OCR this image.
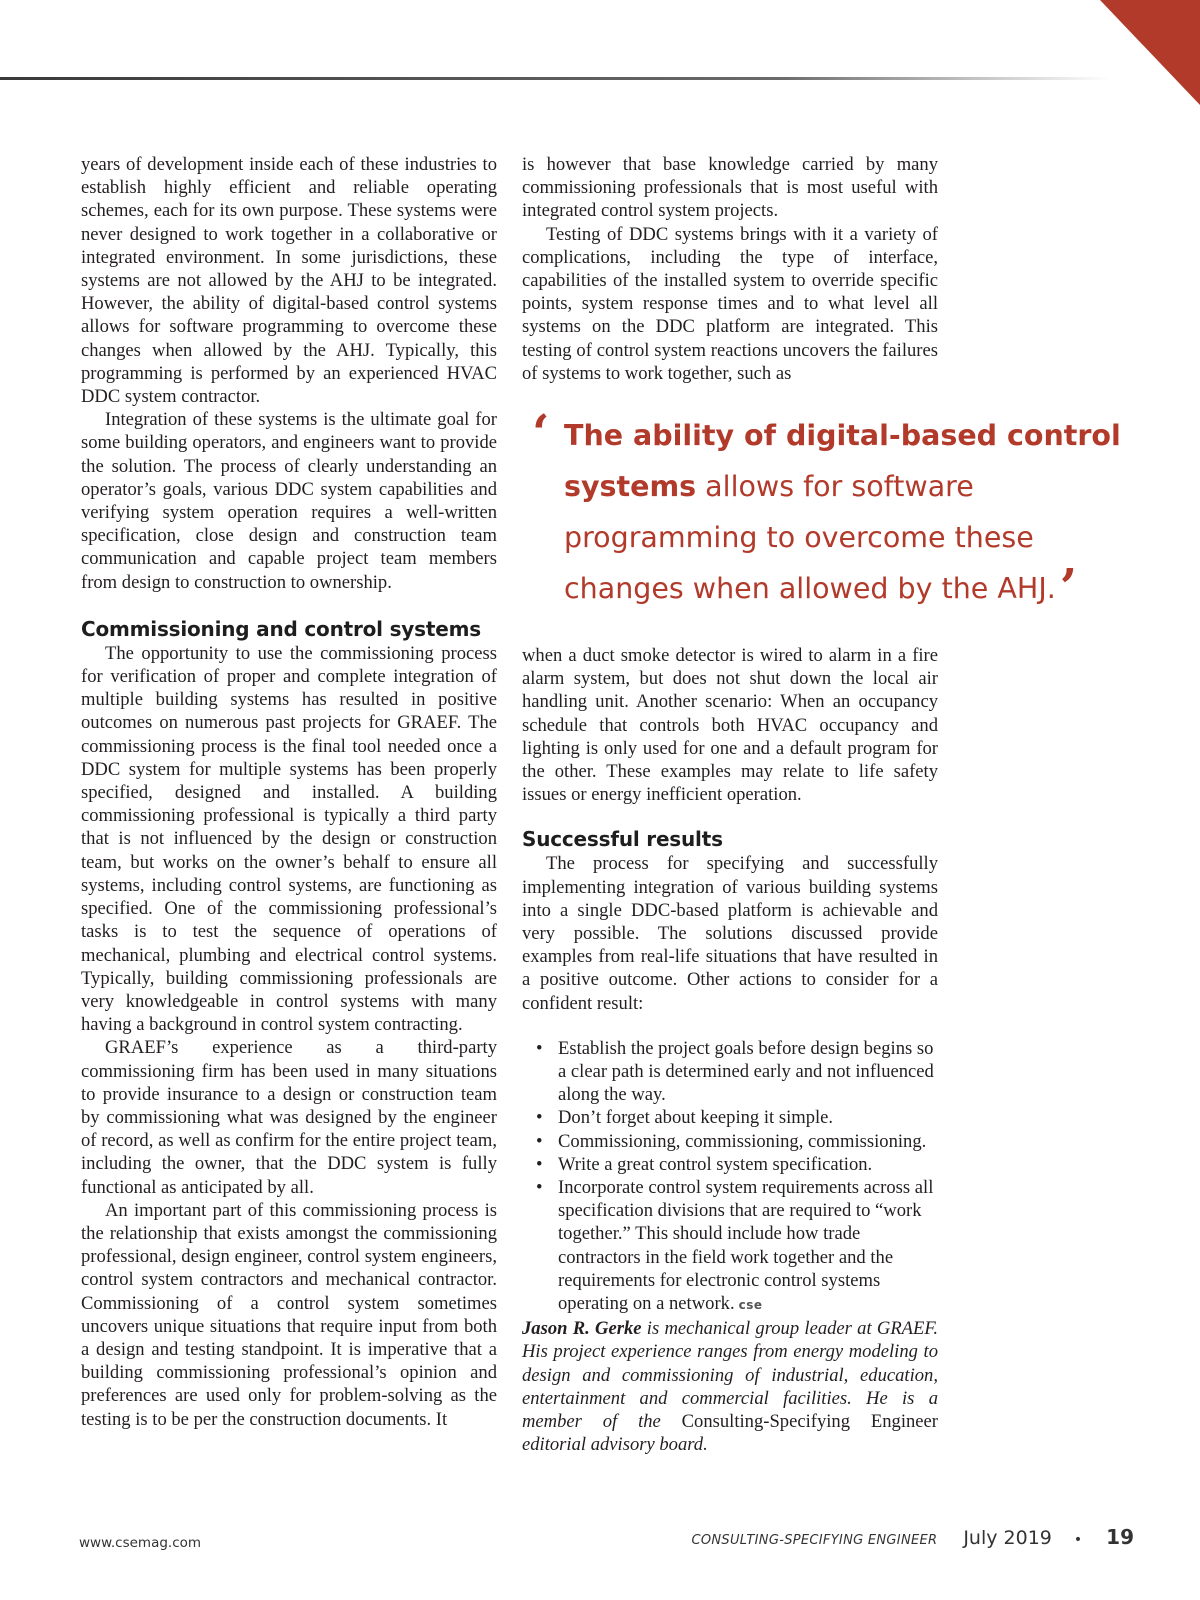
years of development inside each of these industries to establish highly efficient and reliable operating schemes, each for its own purpose. These systems were never designed to work together in a collaborative or integrated environment. In some jurisdictions, these systems are not allowed by the AHJ to be integrated. However, the ability of digital-based control systems allows for software programming to overcome these changes when allowed by the AHJ. Typically, this programming is performed by an experienced HVAC DDC system contractor.

Integration of these systems is the ultimate goal for some building operators, and engineers want to provide the solution. The process of clearly understanding an operator’s goals, various DDC system capabilities and verifying system operation requires a well-written specification, close design and construction team communication and capable project team members from design to construction to ownership.

Commissioning and control systems

The opportunity to use the commissioning process for verification of proper and complete integration of multiple building systems has resulted in positive outcomes on numerous past projects for GRAEF. The commissioning process is the final tool needed once a DDC system for multiple systems has been properly specified, designed and installed. A building commissioning professional is typically a third party that is not influenced by the design or construction team, but works on the owner’s behalf to ensure all systems, including control systems, are functioning as specified. One of the commissioning professional’s tasks is to test the sequence of operations of mechanical, plumbing and electrical control systems. Typically, building commissioning professionals are very knowledgeable in control systems with many having a background in control system contracting.

GRAEF’s experience as a third-party commissioning firm has been used in many situations to provide insurance to a design or construction team by commissioning what was designed by the engineer of record, as well as confirm for the entire project team, including the owner, that the DDC system is fully functional as anticipated by all.

An important part of this commissioning process is the relationship that exists amongst the commissioning professional, design engineer, control system engineers, control system contractors and mechanical contractor. Commissioning of a control system sometimes uncovers unique situations that require input from both a design and testing standpoint. It is imperative that a building commissioning professional’s opinion and preferences are used only for problem-solving as the testing is to be per the construction documents. It

is however that base knowledge carried by many commissioning professionals that is most useful with integrated control system projects.

Testing of DDC systems brings with it a variety of complications, including the type of interface, capabilities of the installed system to override specific points, system response times and to what level all systems on the DDC platform are integrated. This testing of control system reactions uncovers the failures of systems to work together, such as

‘ The ability of digital-based control systems allows for software programming to overcome these changes when allowed by the AHJ.’

when a duct smoke detector is wired to alarm in a fire alarm system, but does not shut down the local air handling unit. Another scenario: When an occupancy schedule that controls both HVAC occupancy and lighting is only used for one and a default program for the other. These examples may relate to life safety issues or energy inefficient operation.

Successful results

The process for specifying and successfully implementing integration of various building systems into a single DDC-based platform is achievable and very possible. The solutions discussed provide examples from real-life situations that have resulted in a positive outcome. Other actions to consider for a confident result:

• Establish the project goals before design begins so a clear path is determined early and not influenced along the way.
• Don’t forget about keeping it simple.
• Commissioning, commissioning, commissioning.
• Write a great control system specification.
• Incorporate control system requirements across all specification divisions that are required to “work together.” This should include how trade contractors in the field work together and the requirements for electronic control systems operating on a network. cse

Jason R. Gerke is mechanical group leader at GRAEF. His project experience ranges from energy modeling to design and commissioning of industrial, education, entertainment and commercial facilities. He is a member of the Consulting-Specifying Engineer editorial advisory board.

www.csemag.com	CONSULTING-SPECIFYING ENGINEER July 2019 • 19
